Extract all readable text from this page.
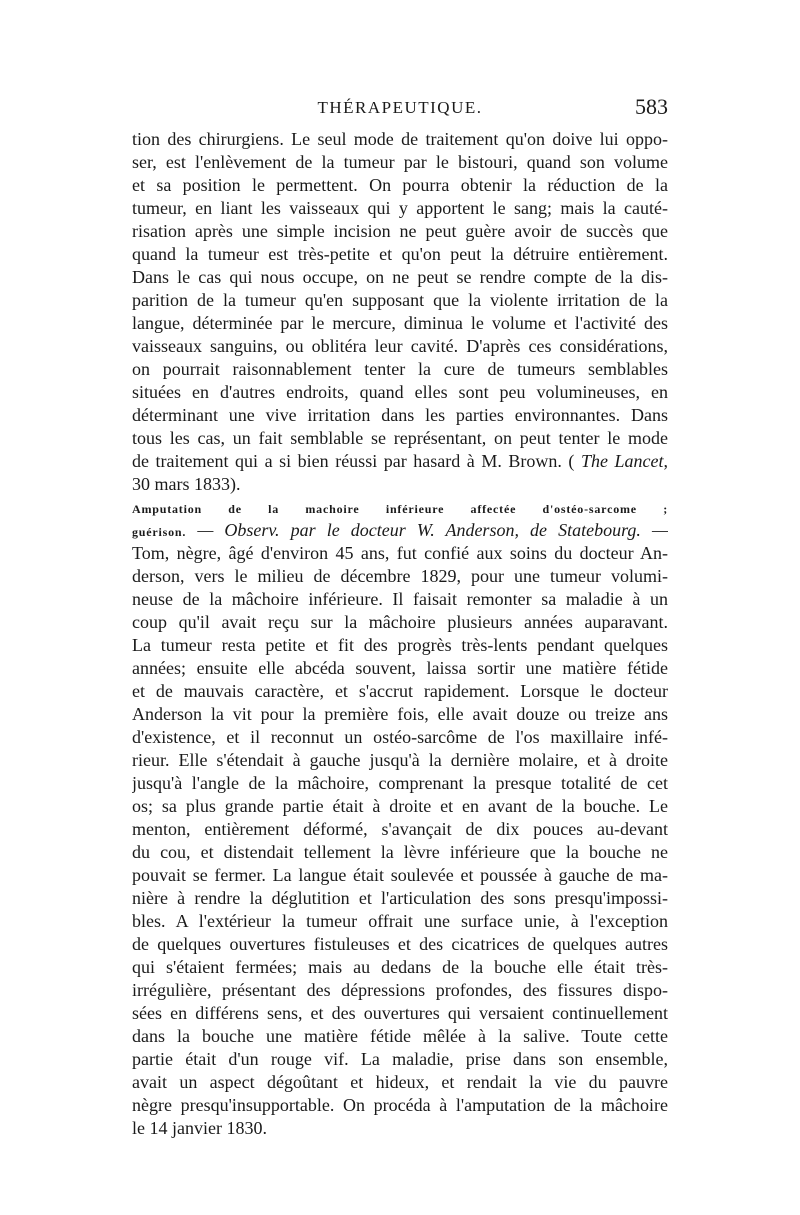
THÉRAPEUTIQUE.	583
tion des chirurgiens. Le seul mode de traitement qu'on doive lui oppo-
ser, est l'enlèvement de la tumeur par le bistouri, quand son volume
et sa position le permettent. On pourra obtenir la réduction de la
tumeur, en liant les vaisseaux qui y apportent le sang; mais la cauté-
risation après une simple incision ne peut guère avoir de succès que
quand la tumeur est très-petite et qu'on peut la détruire entièrement.
Dans le cas qui nous occupe, on ne peut se rendre compte de la dis-
parition de la tumeur qu'en supposant que la violente irritation de la
langue, déterminée par le mercure, diminua le volume et l'activité des
vaisseaux sanguins, ou oblitéra leur cavité. D'après ces considérations,
on pourrait raisonnablement tenter la cure de tumeurs semblables
situées en d'autres endroits, quand elles sont peu volumineuses, en
déterminant une vive irritation dans les parties environnantes. Dans
tous les cas, un fait semblable se représentant, on peut tenter le mode
de traitement qui a si bien réussi par hasard à M. Brown. ( The Lancet,
30 mars 1833).
Amputation de la machoire inférieure affectée d'ostéo-sarcome ;
guérison. — Observ. par le docteur W. Anderson, de Statebourg. —
Tom, nègre, âgé d'environ 45 ans, fut confié aux soins du docteur An-
derson, vers le milieu de décembre 1829, pour une tumeur volumi-
neuse de la mâchoire inférieure. Il faisait remonter sa maladie à un
coup qu'il avait reçu sur la mâchoire plusieurs années auparavant.
La tumeur resta petite et fit des progrès très-lents pendant quelques
années; ensuite elle abcéda souvent, laissa sortir une matière fétide
et de mauvais caractère, et s'accrut rapidement. Lorsque le docteur
Anderson la vit pour la première fois, elle avait douze ou treize ans
d'existence, et il reconnut un ostéo-sarcôme de l'os maxillaire infé-
rieur. Elle s'étendait à gauche jusqu'à la dernière molaire, et à droite
jusqu'à l'angle de la mâchoire, comprenant la presque totalité de cet
os; sa plus grande partie était à droite et en avant de la bouche. Le
menton, entièrement déformé, s'avançait de dix pouces au-devant
du cou, et distendait tellement la lèvre inférieure que la bouche ne
pouvait se fermer. La langue était soulevée et poussée à gauche de ma-
nière à rendre la déglutition et l'articulation des sons presqu'impossi-
bles. A l'extérieur la tumeur offrait une surface unie, à l'exception
de quelques ouvertures fistuleuses et des cicatrices de quelques autres
qui s'étaient fermées; mais au dedans de la bouche elle était très-
irrégulière, présentant des dépressions profondes, des fissures dispo-
sées en différens sens, et des ouvertures qui versaient continuellement
dans la bouche une matière fétide mêlée à la salive. Toute cette
partie était d'un rouge vif. La maladie, prise dans son ensemble,
avait un aspect dégoûtant et hideux, et rendait la vie du pauvre
nègre presqu'insupportable. On procéda à l'amputation de la mâchoire
le 14 janvier 1830.
